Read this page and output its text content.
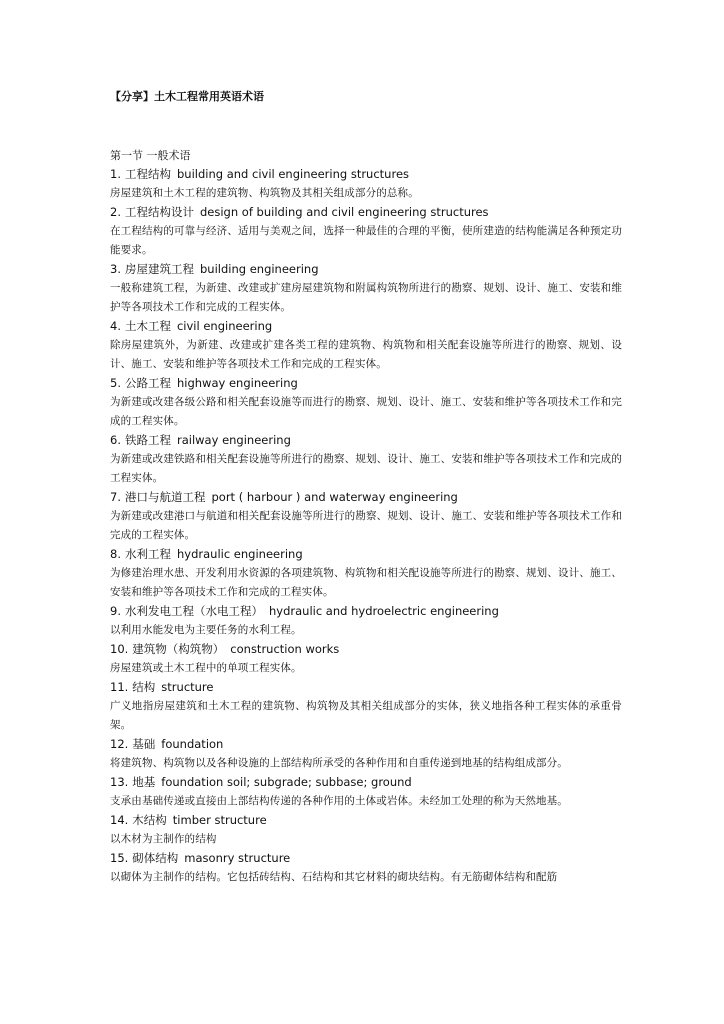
【分享】土木工程常用英语术语
第一节 一般术语
1. 工程结构 building and civil engineering structures
房屋建筑和土木工程的建筑物、构筑物及其相关组成部分的总称。
2. 工程结构设计 design of building and civil engineering structures
在工程结构的可靠与经济、适用与美观之间，选择一种最佳的合理的平衡，使所建造的结构能满足各种预定功能要求。
3. 房屋建筑工程 building engineering
一般称建筑工程，为新建、改建或扩建房屋建筑物和附属构筑物所进行的勘察、规划、设计、施工、安装和维护等各项技术工作和完成的工程实体。
4. 土木工程 civil engineering
除房屋建筑外，为新建、改建或扩建各类工程的建筑物、构筑物和相关配套设施等所进行的勘察、规划、设计、施工、安装和维护等各项技术工作和完成的工程实体。
5. 公路工程 highway engineering
为新建或改建各级公路和相关配套设施等而进行的勘察、规划、设计、施工、安装和维护等各项技术工作和完成的工程实体。
6. 铁路工程 railway engineering
为新建或改建铁路和相关配套设施等所进行的勘察、规划、设计、施工、安装和维护等各项技术工作和完成的工程实体。
7. 港口与航道工程 port ( harbour ) and waterway engineering
为新建或改建港口与航道和相关配套设施等所进行的勘察、规划、设计、施工、安装和维护等各项技术工作和完成的工程实体。
8. 水利工程 hydraulic engineering
为修建治理水患、开发利用水资源的各项建筑物、构筑物和相关配设施等所进行的勘察、规划、设计、施工、安装和维护等各项技术工作和完成的工程实体。
9. 水利发电工程（水电工程） hydraulic and hydroelectric engineering
以利用水能发电为主要任务的水利工程。
10. 建筑物（构筑物） construction works
房屋建筑或土木工程中的单项工程实体。
11. 结构 structure
广义地指房屋建筑和土木工程的建筑物、构筑物及其相关组成部分的实体，狭义地指各种工程实体的承重骨架。
12. 基础 foundation
将建筑物、构筑物以及各种设施的上部结构所承受的各种作用和自重传递到地基的结构组成部分。
13. 地基 foundation soil; subgrade; subbase; ground
支承由基础传递或直接由上部结构传递的各种作用的土体或岩体。未经加工处理的称为天然地基。
14. 木结构 timber structure
以木材为主制作的结构
15. 砌体结构 masonry structure
以砌体为主制作的结构。它包括砖结构、石结构和其它材料的砌块结构。有无筋砌体结构和配筋
